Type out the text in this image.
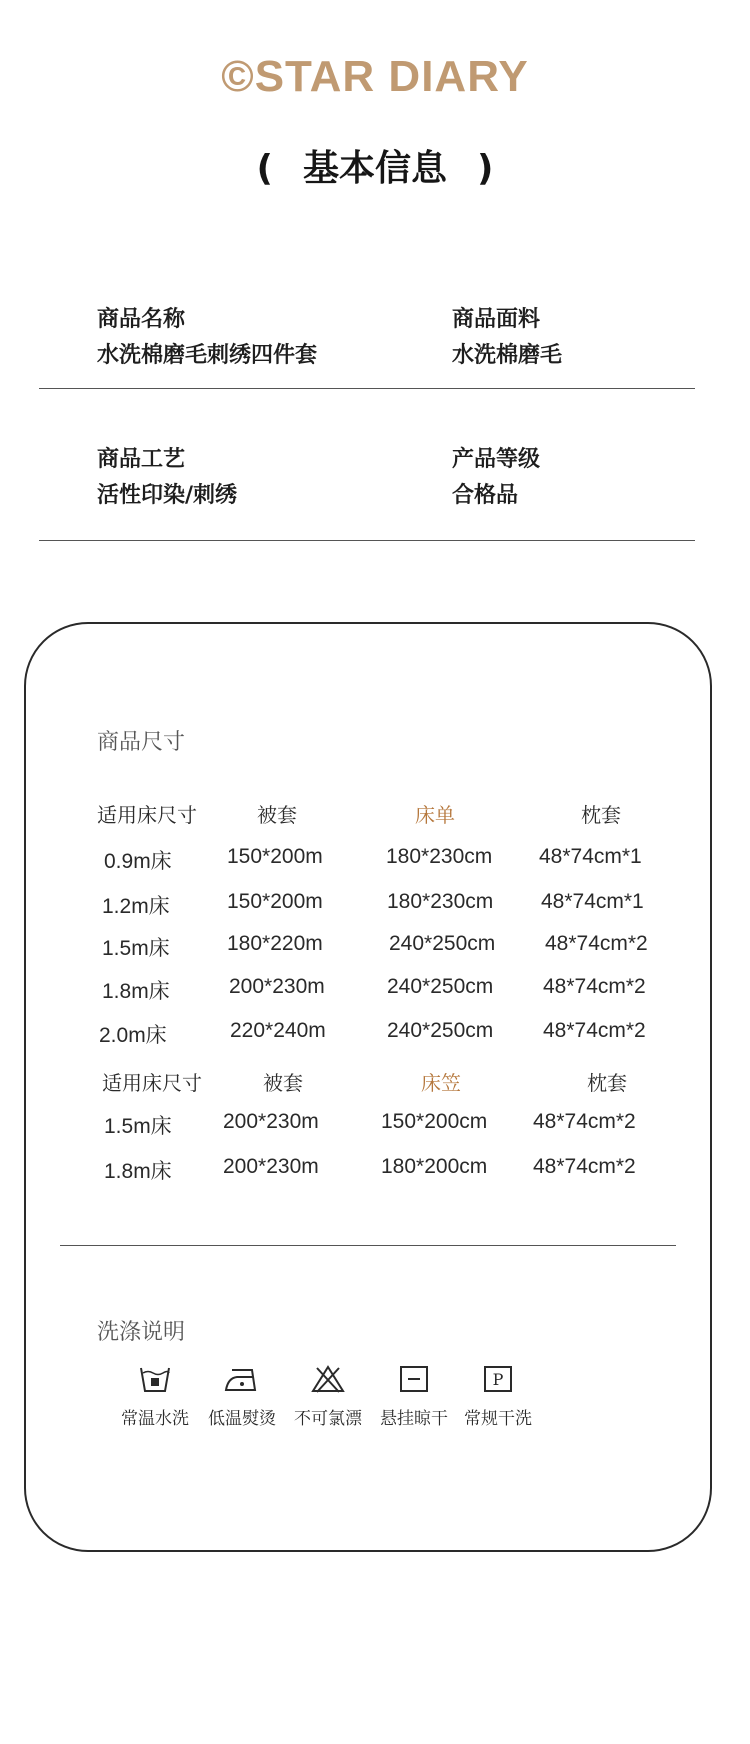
©STAR DIARY
( 基本信息 )
商品名称
水洗棉磨毛刺绣四件套
商品面料
水洗棉磨毛
商品工艺
活性印染/刺绣
产品等级
合格品
商品尺寸
适用床尺寸	被套	床单	枕套
0.9m床	150*200m	180*230cm 48*74cm*1
1.2m床	150*200m	180*230cm 48*74cm*1
1.5m床	180*220m	240*250cm 48*74cm*2
1.8m床	200*230m	240*250cm 48*74cm*2
2.0m床	220*240m	240*250cm 48*74cm*2
适用床尺寸	被套	床笠	枕套
1.5m床 200*230m	150*200cm 48*74cm*2
1.8m床 200*230m	180*200cm 48*74cm*2
洗涤说明
常温水洗	低温熨烫	不可氯漂	悬挂晾干
P
常规干洗
